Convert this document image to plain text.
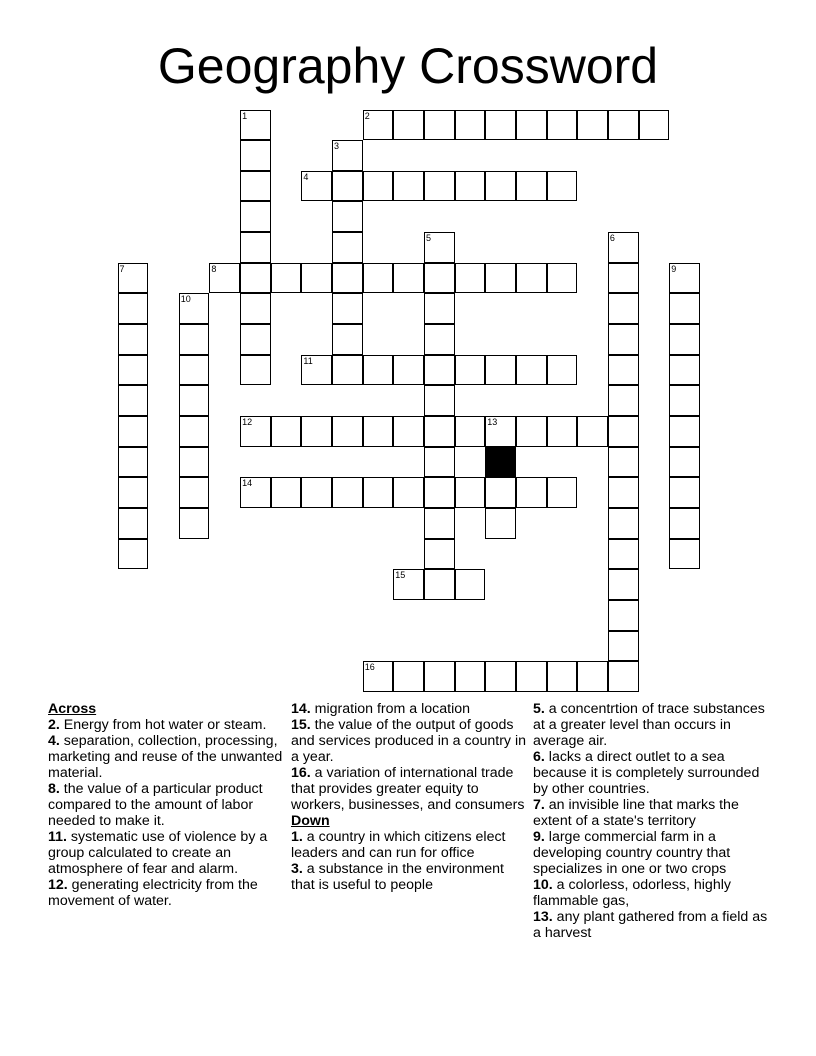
Geography Crossword
1	2
3
4
5	6
7	8	9
10
11
12	13
14
15
16
Across

2. Energy from hot water or steam.

4. separation, collection, processing, marketing and reuse of the unwanted material.

8. the value of a particular product compared to the amount of labor needed to make it.

11. systematic use of violence by a group calculated to create an atmosphere of fear and alarm.

12. generating electricity from the movement of water.

14. migration from a location

15. the value of the output of goods and services produced in a country in a year.

16. a variation of international trade that provides greater equity to workers, businesses, and consumers

Down

1. a country in which citizens elect leaders and can run for office

3. a substance in the environment that is useful to people

5. a concentrtion of trace substances at a greater level than occurs in average air.

6. lacks a direct outlet to a sea because it is completely surrounded by other countries.

7. an invisible line that marks the extent of a state's territory

9. large commercial farm in a developing country country that specializes in one or two crops

10. a colorless, odorless, highly flammable gas,

13. any plant gathered from a field as a harvest
